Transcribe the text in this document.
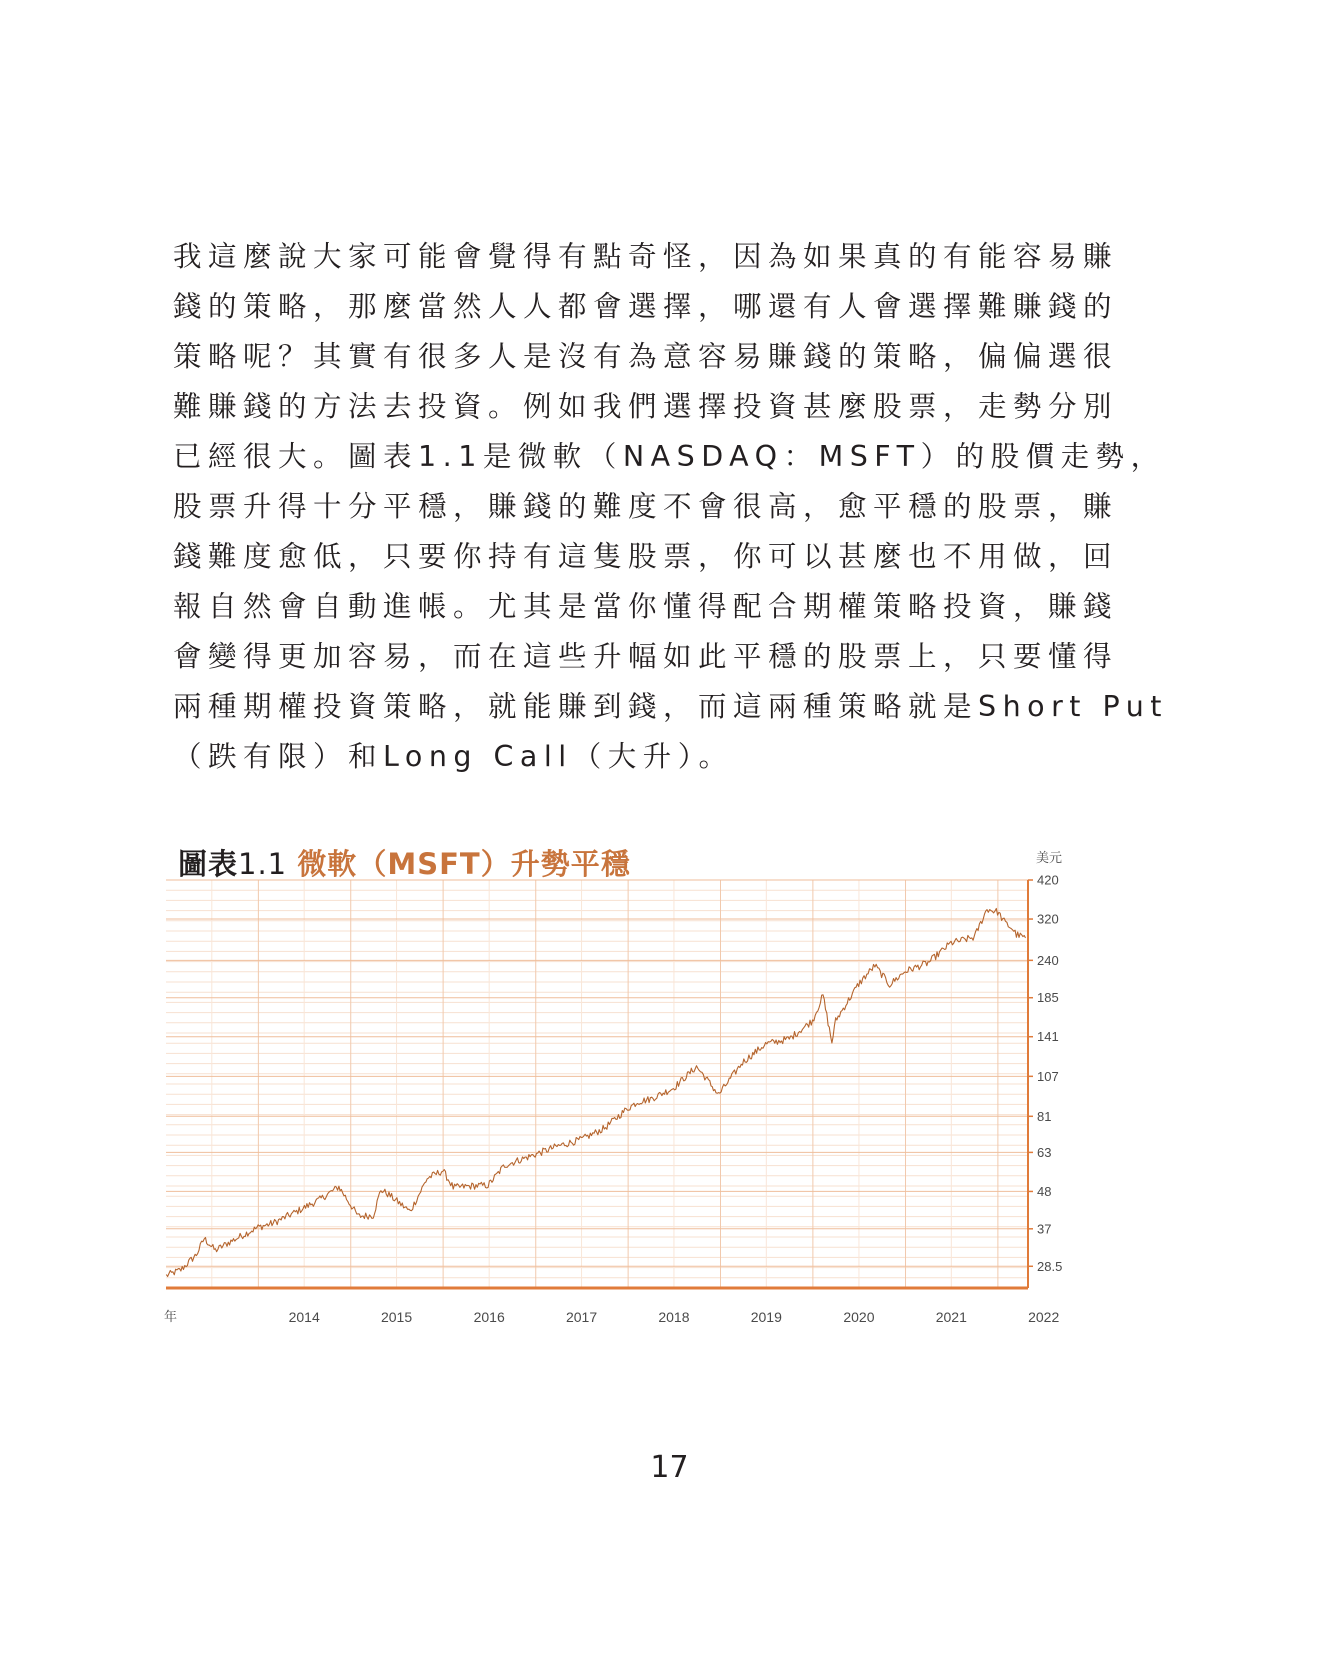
我這麼說大家可能會覺得有點奇怪，因為如果真的有能容易賺
錢的策略，那麼當然人人都會選擇，哪還有人會選擇難賺錢的
策略呢？其實有很多人是沒有為意容易賺錢的策略，偏偏選很
難賺錢的方法去投資。例如我們選擇投資甚麼股票，走勢分別
已經很大。圖表1.1是微軟（NASDAQ：MSFT）的股價走勢，
股票升得十分平穩，賺錢的難度不會很高，愈平穩的股票，賺
錢難度愈低，只要你持有這隻股票，你可以甚麼也不用做，回
報自然會自動進帳。尤其是當你懂得配合期權策略投資，賺錢
會變得更加容易，而在這些升幅如此平穩的股票上，只要懂得
兩種期權投資策略，就能賺到錢，而這兩種策略就是Short Put
（跌有限）和Long Call（大升）。
圖表1.1 微軟（MSFT）升勢平穩
28.5
37
48
63
81
107
141
185
240
320
420
美元
2014	2015	2016	2017	2018	2019	2020	2021	2022
年
17
